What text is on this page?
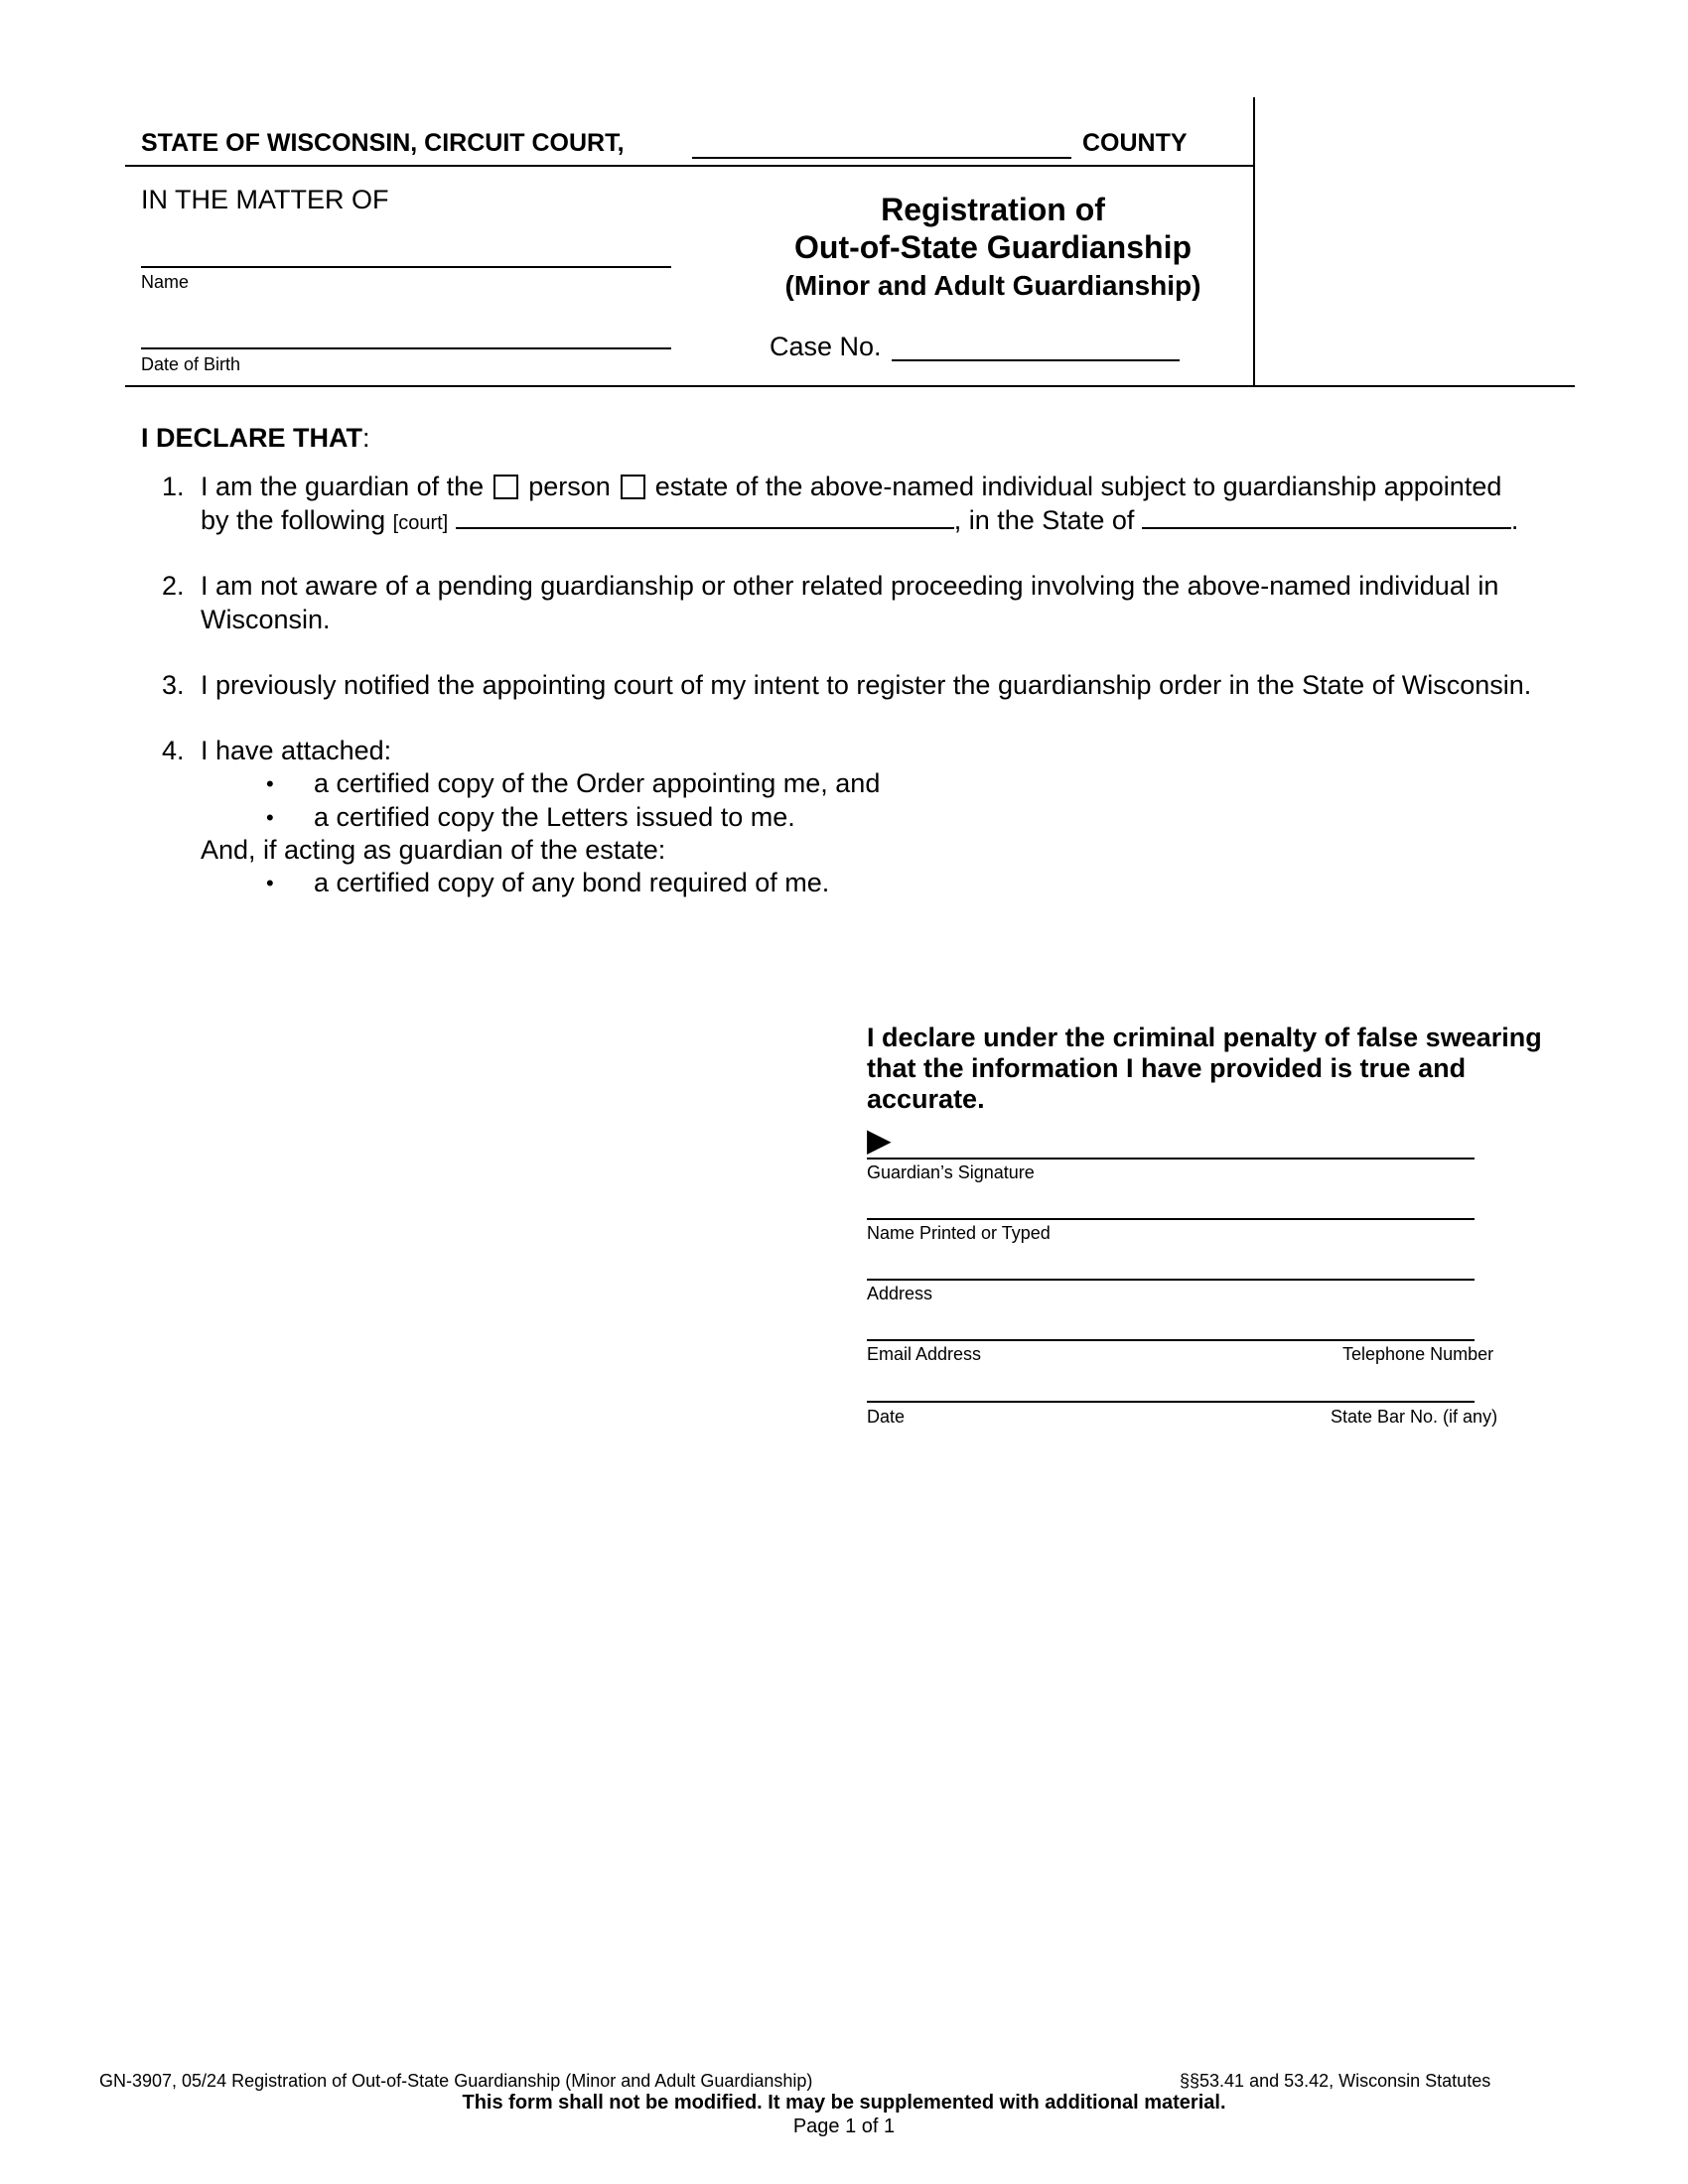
STATE OF WISCONSIN, CIRCUIT COURT,	COUNTY
IN THE MATTER OF
Name
Date of Birth
Registration of
Out-of-State Guardianship
(Minor and Adult Guardianship)
Case No.
I DECLARE THAT:
1. I am the guardian of the person estate of the above-named individual subject to guardianship appointed
by the following [court]	, in the State of	.
2. I am not aware of a pending guardianship or other related proceeding involving the above-named individual in
Wisconsin.
3. I previously notified the appointing court of my intent to register the guardianship order in the State of Wisconsin.
4. I have attached:
• a certified copy of the Order appointing me, and
• a certified copy the Letters issued to me.
And, if acting as guardian of the estate:
• a certified copy of any bond required of me.
I declare under the criminal penalty of false swearing
that the information I have provided is true and
accurate.
▶
Guardian’s Signature
Name Printed or Typed
Address
Email Address	Telephone Number
Date	State Bar No. (if any)
GN-3907, 05/24 Registration of Out-of-State Guardianship (Minor and Adult Guardianship)	§§53.41 and 53.42, Wisconsin Statutes
This form shall not be modified. It may be supplemented with additional material.
Page 1 of 1
